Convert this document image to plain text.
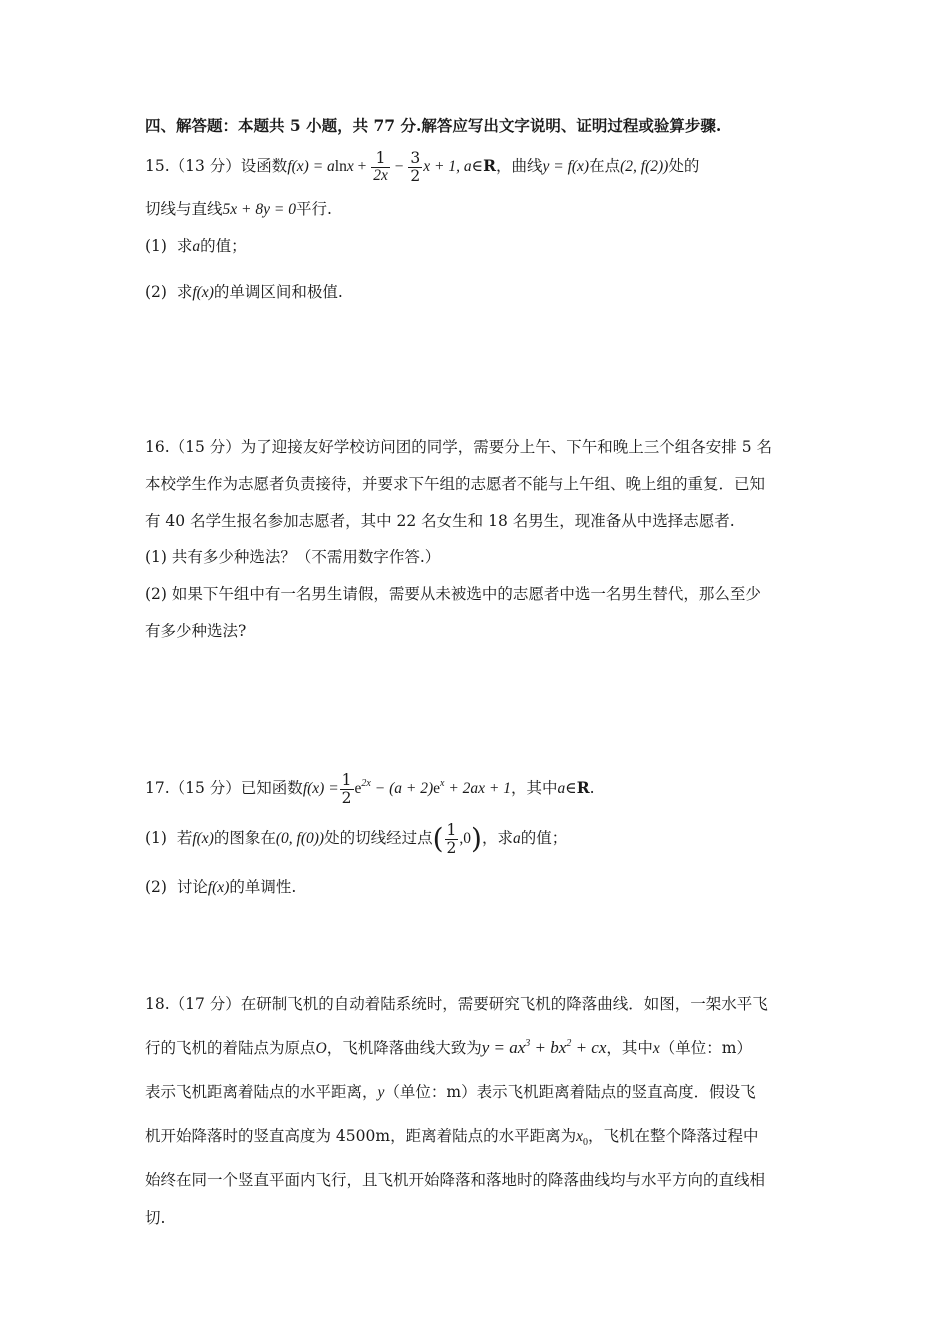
四、解答题：本题共 5 小题，共 77 分.解答应写出文字说明、证明过程或验算步骤.
15.（13 分）设函数$f(x) = alnx + \frac{1}{2x} - \frac{3}{2}$ x + 1, a∈R，曲线y = f(x)在点(2, f(2))处的
切线与直线5x + 8y = 0平行.
(1) 求a的值；
(2) 求f(x)的单调区间和极值.
16.（15 分）为了迎接友好学校访问团的同学，需要分上午、下午和晚上三个组各安排 5 名
本校学生作为志愿者负责接待，并要求下午组的志愿者不能与上午组、晚上组的重复．已知
有 40 名学生报名参加志愿者，其中 22 名女生和 18 名男生，现准备从中选择志愿者.
(1) 共有多少种选法？（不需用数字作答.）
(2) 如果下午组中有一名男生请假，需要从未被选中的志愿者中选一名男生替代，那么至少
有多少种选法?
17.（15 分）已知函数$f(x) = \frac{1}{2} e^{2x} - (a + 2)e^x + 2ax + 1$，其中a∈R.
(1) 若f(x)的图象在(0, f(0))处的切线经过点( $\frac{1}{2} ,0$)，求a的值；
(2) 讨论f(x)的单调性.
18.（17 分）在研制飞机的自动着陆系统时，需要研究飞机的降落曲线．如图，一架水平飞
行的飞机的着陆点为原点O，飞机降落曲线大致为$y = ax^3 + bx^2$ + cx，其中x（单位：m）
表示飞机距离着陆点的水平距离，y（单位：m）表示飞机距离着陆点的竖直高度．假设飞
机开始降落时的竖直高度为 4500m，距离着陆点的水平距离为$x_0$，飞机在整个降落过程中
始终在同一个竖直平面内飞行，且飞机开始降落和落地时的降落曲线均与水平方向的直线相
切.
